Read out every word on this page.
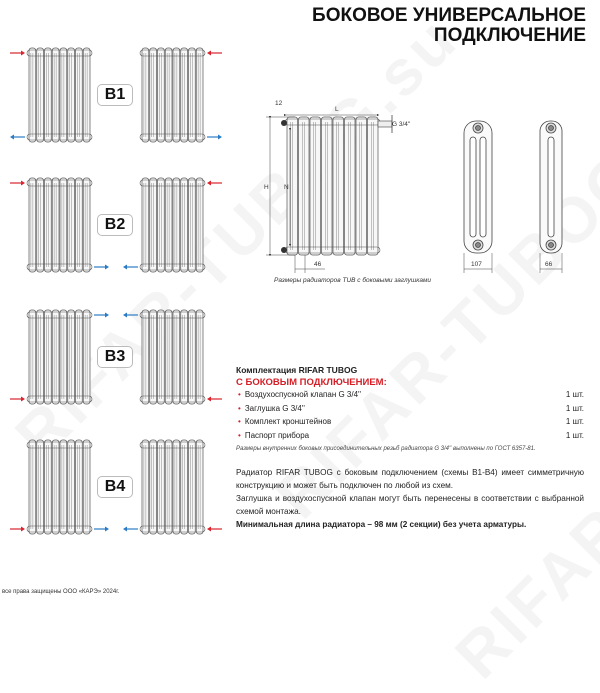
БОКОВОЕ УНИВЕРСАЛЬНОЕ
ПОДКЛЮЧЕНИЕ
B1
B2
B3
B4
12
L
H N
46
G 3/4''
107	66
Размеры радиаторов TUB с боковыми заглушками
Комплектация RIFAR TUBOG
С БОКОВЫМ ПОДКЛЮЧЕНИЕМ:
• Воздухоспускной клапан G 3/4''	1 шт.
• Заглушка G 3/4''	1 шт.
• Комплект кронштейнов	1 шт.
• Паспорт прибора	1 шт.
Размеры внутренних боковых присоединительных резьб радиатора G 3/4'' выполнены по ГОСТ 6357-81.
Радиатор RIFAR TUBOG с боковым подключением (схемы B1-B4) имеет симметричную конструкцию и может быть подключен по любой из схем.
Заглушка и воздухоспускной клапан могут быть перенесены в соответствии с выбранной схемой монтажа.
Минимальная длина радиатора – 98 мм (2 секции) без учета арматуры.
все права защищены ООО «КАРЭ» 2024г.
